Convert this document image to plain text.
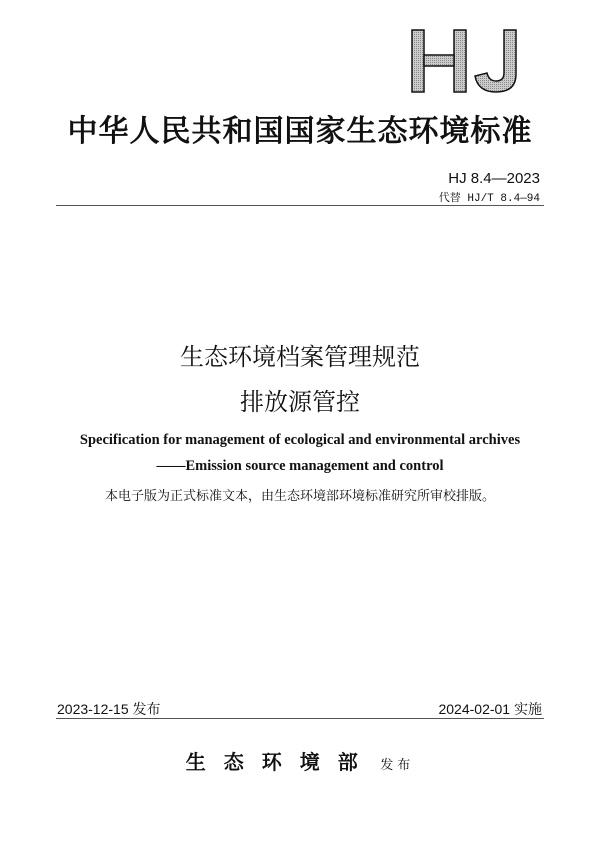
中华人民共和国国家生态环境标准
HJ 8.4—2023
代替 HJ/T 8.4—94
生态环境档案管理规范
排放源管控
Specification for management of ecological and environmental archives
——Emission source management and control
本电子版为正式标准文本，由生态环境部环境标准研究所审校排版。
2023-12-15 发布	2024-02-01 实施
生态环境部 发布
